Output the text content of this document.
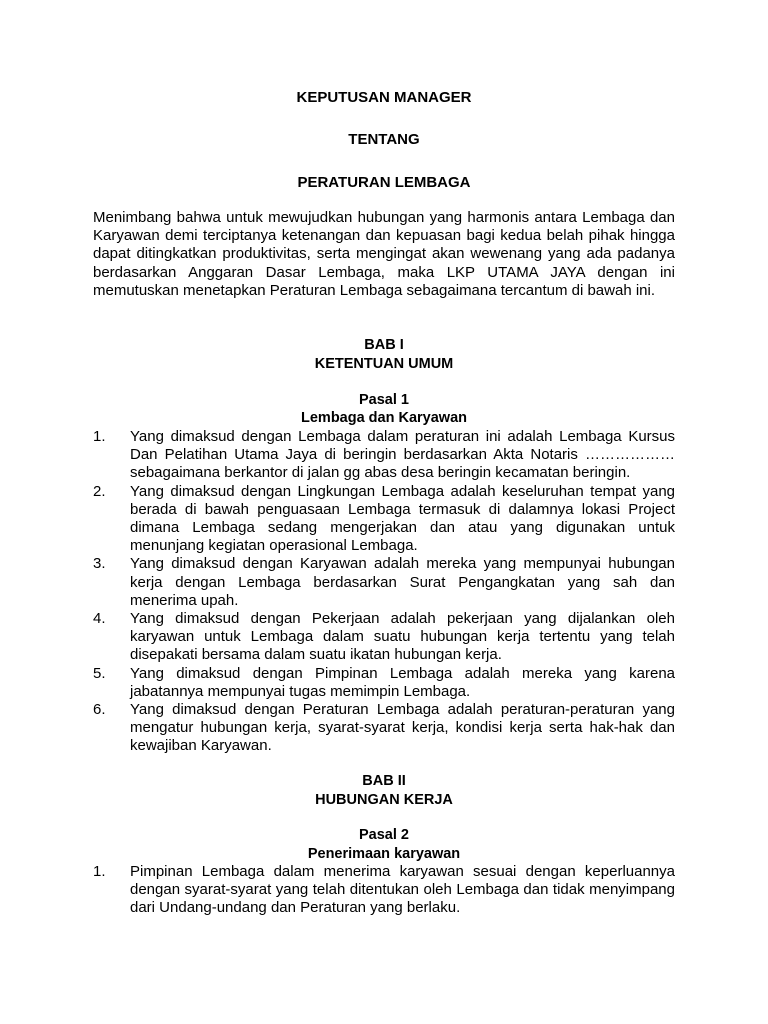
KEPUTUSAN MANAGER
TENTANG
PERATURAN LEMBAGA

Menimbang bahwa untuk mewujudkan hubungan yang harmonis antara Lembaga dan Karyawan demi terciptanya ketenangan dan kepuasan bagi kedua belah pihak hingga dapat ditingkatkan produktivitas, serta mengingat akan wewenang yang ada padanya berdasarkan Anggaran Dasar Lembaga, maka LKP UTAMA JAYA dengan ini memutuskan menetapkan Peraturan Lembaga sebagaimana tercantum di bawah ini.

BAB I
KETENTUAN UMUM
Pasal 1
Lembaga dan Karyawan
1.	Yang dimaksud dengan Lembaga dalam peraturan ini adalah Lembaga Kursus Dan Pelatihan Utama Jaya di beringin berdasarkan Akta Notaris ……………… sebagaimana berkantor di jalan gg abas desa beringin kecamatan beringin.
2.	Yang dimaksud dengan Lingkungan Lembaga adalah keseluruhan tempat yang berada di bawah penguasaan Lembaga termasuk di dalamnya lokasi Project dimana Lembaga sedang mengerjakan dan atau yang digunakan untuk menunjang kegiatan operasional Lembaga.
3.	Yang dimaksud dengan Karyawan adalah mereka yang mempunyai hubungan kerja dengan Lembaga berdasarkan Surat Pengangkatan yang sah dan menerima upah.
4.	Yang dimaksud dengan Pekerjaan adalah pekerjaan yang dijalankan oleh karyawan untuk Lembaga dalam suatu hubungan kerja tertentu yang telah disepakati bersama dalam suatu ikatan hubungan kerja.
5.	Yang dimaksud dengan Pimpinan Lembaga adalah mereka yang karena jabatannya mempunyai tugas memimpin Lembaga.
6.	Yang dimaksud dengan Peraturan Lembaga adalah peraturan-peraturan yang mengatur hubungan kerja, syarat-syarat kerja, kondisi kerja serta hak-hak dan kewajiban Karyawan.
BAB II
HUBUNGAN KERJA
Pasal 2
Penerimaan karyawan
1.	Pimpinan Lembaga dalam menerima karyawan sesuai dengan keperluannya dengan syarat-syarat yang telah ditentukan oleh Lembaga dan tidak menyimpang dari Undang-undang dan Peraturan yang berlaku.
